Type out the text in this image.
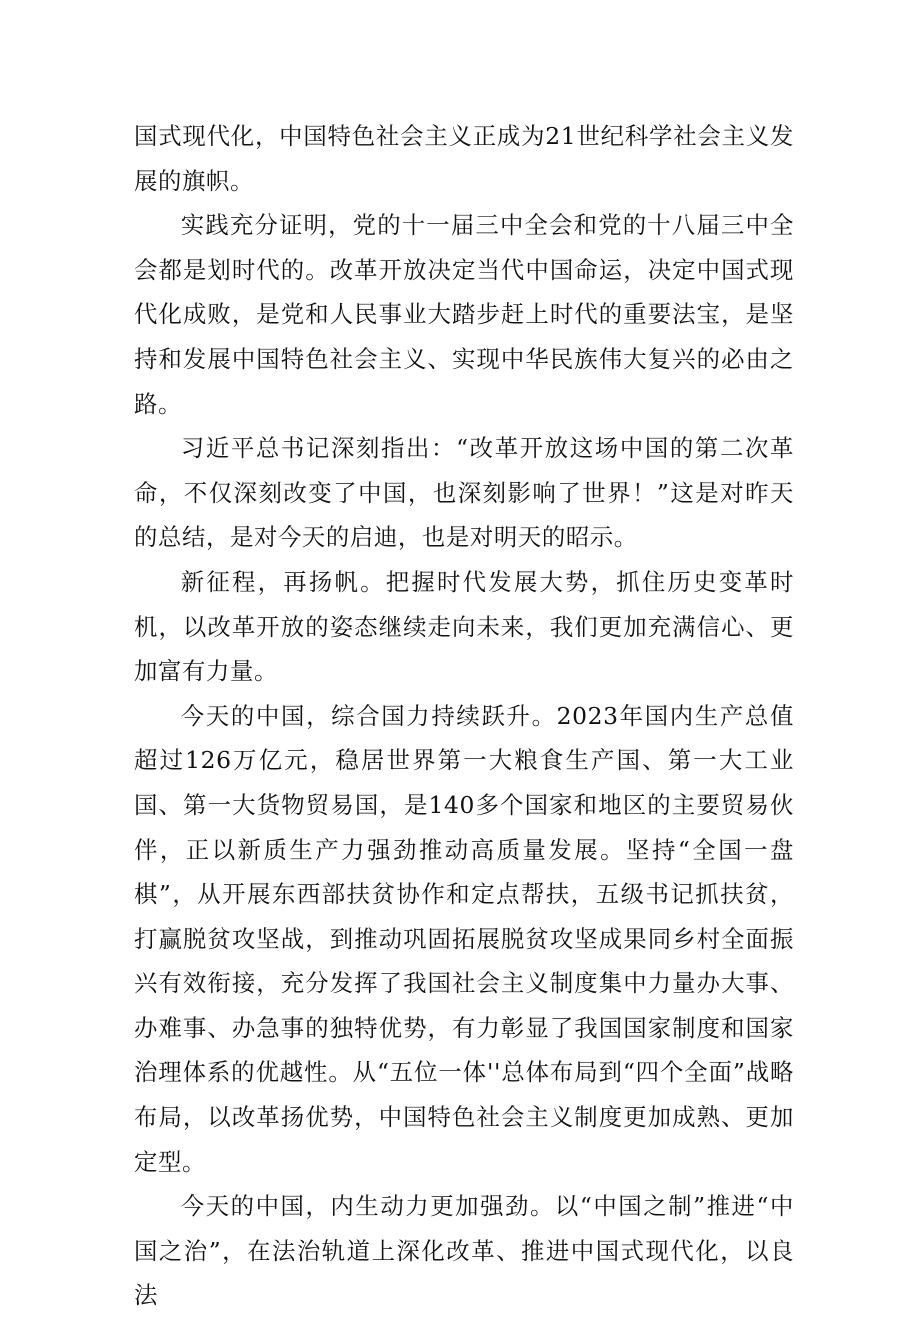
国式现代化，中国特色社会主义正成为21世纪科学社会主义发展的旗帜。

实践充分证明，党的十一届三中全会和党的十八届三中全会都是划时代的。改革开放决定当代中国命运，决定中国式现代化成败，是党和人民事业大踏步赶上时代的重要法宝，是坚持和发展中国特色社会主义、实现中华民族伟大复兴的必由之路。

习近平总书记深刻指出：“改革开放这场中国的第二次革命，不仅深刻改变了中国，也深刻影响了世界！”这是对昨天的总结，是对今天的启迪，也是对明天的昭示。

新征程，再扬帆。把握时代发展大势，抓住历史变革时机，以改革开放的姿态继续走向未来，我们更加充满信心、更加富有力量。

今天的中国，综合国力持续跃升。2023年国内生产总值超过126万亿元，稳居世界第一大粮食生产国、第一大工业国、第一大货物贸易国，是140多个国家和地区的主要贸易伙伴，正以新质生产力强劲推动高质量发展。坚持“全国一盘棋”，从开展东西部扶贫协作和定点帮扶，五级书记抓扶贫，打赢脱贫攻坚战，到推动巩固拓展脱贫攻坚成果同乡村全面振兴有效衔接，充分发挥了我国社会主义制度集中力量办大事、办难事、办急事的独特优势，有力彰显了我国国家制度和国家治理体系的优越性。从“五位一体''总体布局到“四个全面”战略布局，以改革扬优势，中国特色社会主义制度更加成熟、更加定型。

今天的中国，内生动力更加强劲。以“中国之制”推进“中国之治”，在法治轨道上深化改革、推进中国式现代化，以良法
